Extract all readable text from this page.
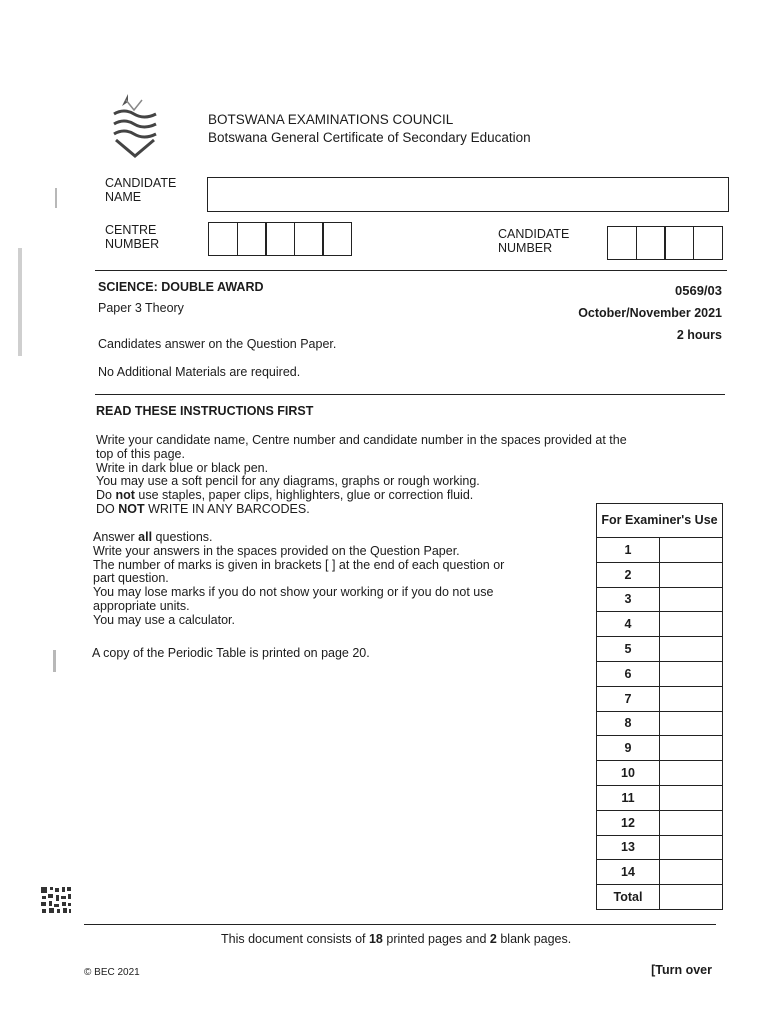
BOTSWANA EXAMINATIONS COUNCIL
Botswana General Certificate of Secondary Education
CANDIDATE
NAME
CENTRE
NUMBER
CANDIDATE
NUMBER
SCIENCE: DOUBLE AWARD	0569/03
Paper 3 Theory	October/November 2021
2 hours
Candidates answer on the Question Paper.
No Additional Materials are required.
READ THESE INSTRUCTIONS FIRST
Write your candidate name, Centre number and candidate number in the spaces provided at the
top of this page.
Write in dark blue or black pen.
You may use a soft pencil for any diagrams, graphs or rough working.
Do not use staples, paper clips, highlighters, glue or correction fluid.
DO NOT WRITE IN ANY BARCODES.
Answer all questions.
Write your answers in the spaces provided on the Question Paper.
The number of marks is given in brackets [ ] at the end of each question or
part question.
You may lose marks if you do not show your working or if you do not use
appropriate units.
You may use a calculator.
A copy of the Periodic Table is printed on page 20.
For Examiner's Use	
1	
2	
3	
4	
5	
6	
7	
8	
9	
10	
11	
12	
13	
14	
Total	
This document consists of 18 printed pages and 2 blank pages.
© BEC 2021	[Turn over
